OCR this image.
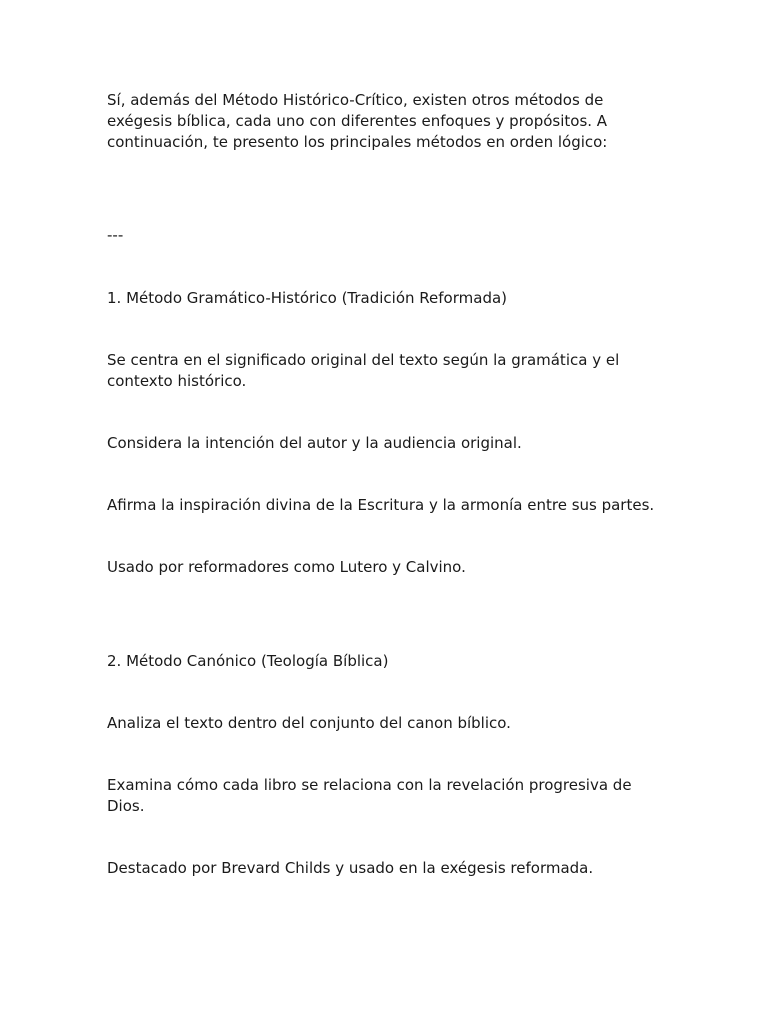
Sí, además del Método Histórico-Crítico, existen otros métodos de exégesis bíblica, cada uno con diferentes enfoques y propósitos. A continuación, te presento los principales métodos en orden lógico:

---

1. Método Gramático-Histórico (Tradición Reformada)

Se centra en el significado original del texto según la gramática y el contexto histórico.

Considera la intención del autor y la audiencia original.

Afirma la inspiración divina de la Escritura y la armonía entre sus partes.

Usado por reformadores como Lutero y Calvino.

2. Método Canónico (Teología Bíblica)

Analiza el texto dentro del conjunto del canon bíblico.

Examina cómo cada libro se relaciona con la revelación progresiva de Dios.

Destacado por Brevard Childs y usado en la exégesis reformada.
